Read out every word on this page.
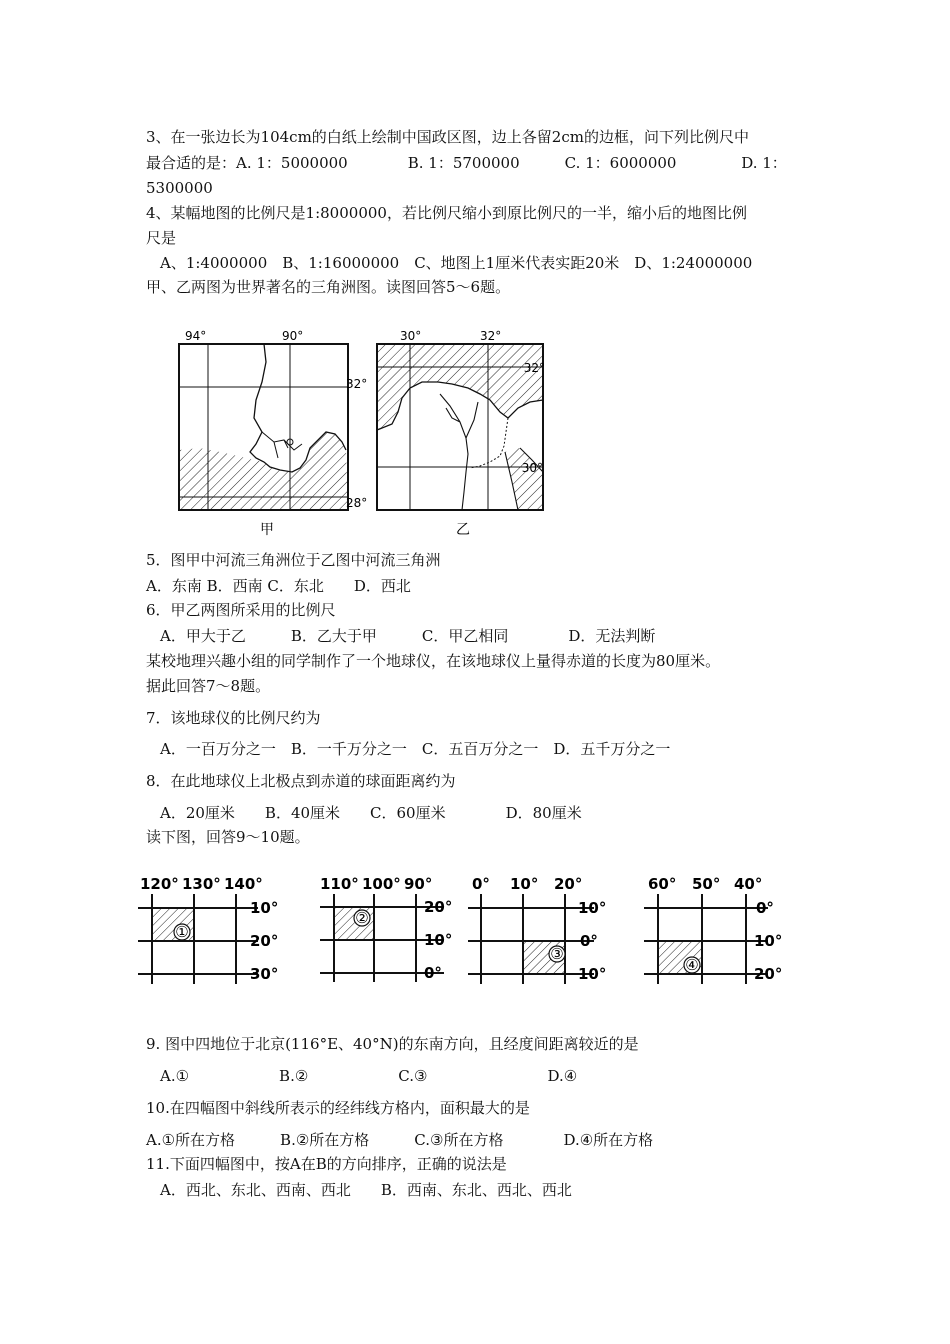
3、在一张边长为104cm的白纸上绘制中国政区图，边上各留2cm的边框，问下列比例尺中
最合适的是：A. 1：5000000　　　　B. 1：5700000　　　C. 1：6000000　　　　 D. 1：
5300000
4、某幅地图的比例尺是1:8000000，若比例尺缩小到原比例尺的一半，缩小后的地图比例
尺是
A、1:4000000　B、1:16000000　C、地图上1厘米代表实距20米　D、1:24000000
甲、乙两图为世界著名的三角洲图。读图回答5～6题。
94°	90°
32°
28°
甲
30°	32°
32°
30°
乙
5．图甲中河流三角洲位于乙图中河流三角洲
A．东南 B．西南 C．东北　　D．西北
6．甲乙两图所采用的比例尺
A．甲大于乙　　　B．乙大于甲　　　C．甲乙相同　　　　D．无法判断
某校地理兴趣小组的同学制作了一个地球仪，在该地球仪上量得赤道的长度为80厘米。
据此回答7～8题。
7．该地球仪的比例尺约为
A．一百万分之一　B．一千万分之一　C．五百万分之一　D．五千万分之一
8．在此地球仪上北极点到赤道的球面距离约为
A．20厘米　　B．40厘米　　C．60厘米　　　　D．80厘米
读下图，回答9～10题。
①
120° 130° 140°
10°
20°
30°
②
110° 100° 90°
20°
10°
0°
③
0° 10° 20°
10°
0°
10°	④
60° 50° 40°
0°
10°
20°
9. 图中四地位于北京(116°E、40°N)的东南方向，且经度间距离较近的是
A.①　　　　　　B.②　　　　　　C.③　　　　　　　　D.④
10.在四幅图中斜线所表示的经纬线方格内，面积最大的是
A.①所在方格　　　B.②所在方格　　　C.③所在方格　　　　D.④所在方格
11.下面四幅图中，按A在B的方向排序，正确的说法是
A．西北、东北、西南、西北　　B．西南、东北、西北、西北
